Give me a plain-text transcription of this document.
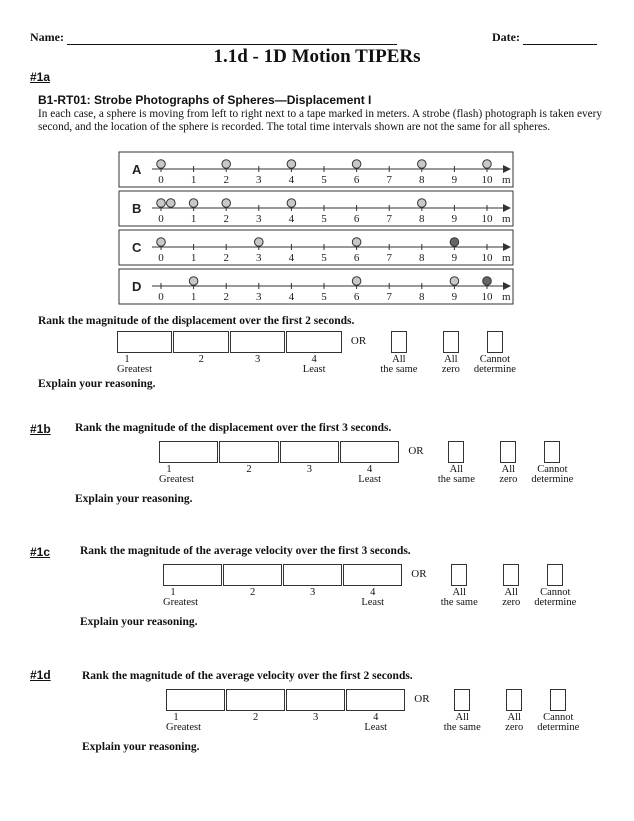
Name:	Date:
1.1d - 1D Motion TIPERs
#1a
B1-RT01: Strobe Photographs of Spheres—Displacement I
In each case, a sphere is moving from left to right next to a tape marked in meters. A strobe (flash) photograph is taken every second, and the location of the sphere is recorded. The total time intervals shown are not the same for all spheres.
A
0 1 2 3 4 5 6 7 8 9 10 m
B
0 1 2 3 4 5 6 7 8 9 10 m
C
0 1 2 3 4 5 6 7 8 9 10 m
D
0 1 2 3 4 5 6 7 8 9 10 m
Rank the magnitude of the displacement over the first 2 seconds.
1	2	3	4
Greatest	Least
OR
All
the same
All
zero
Cannot
determine
Explain your reasoning.
#1b Rank the magnitude of the displacement over the first 3 seconds.
1	2	3	4
Greatest	Least
OR
All
the same
All
zero
Cannot
determine
Explain your reasoning.
#1c	Rank the magnitude of the average velocity over the first 3 seconds.
1	2	3	4
Greatest	Least
OR
All
the same
All
zero
Cannot
determine
Explain your reasoning.
#1d	Rank the magnitude of the average velocity over the first 2 seconds.
1	2	3	4
Greatest	Least
OR
All
the same
All
zero
Cannot
determine
Explain your reasoning.
